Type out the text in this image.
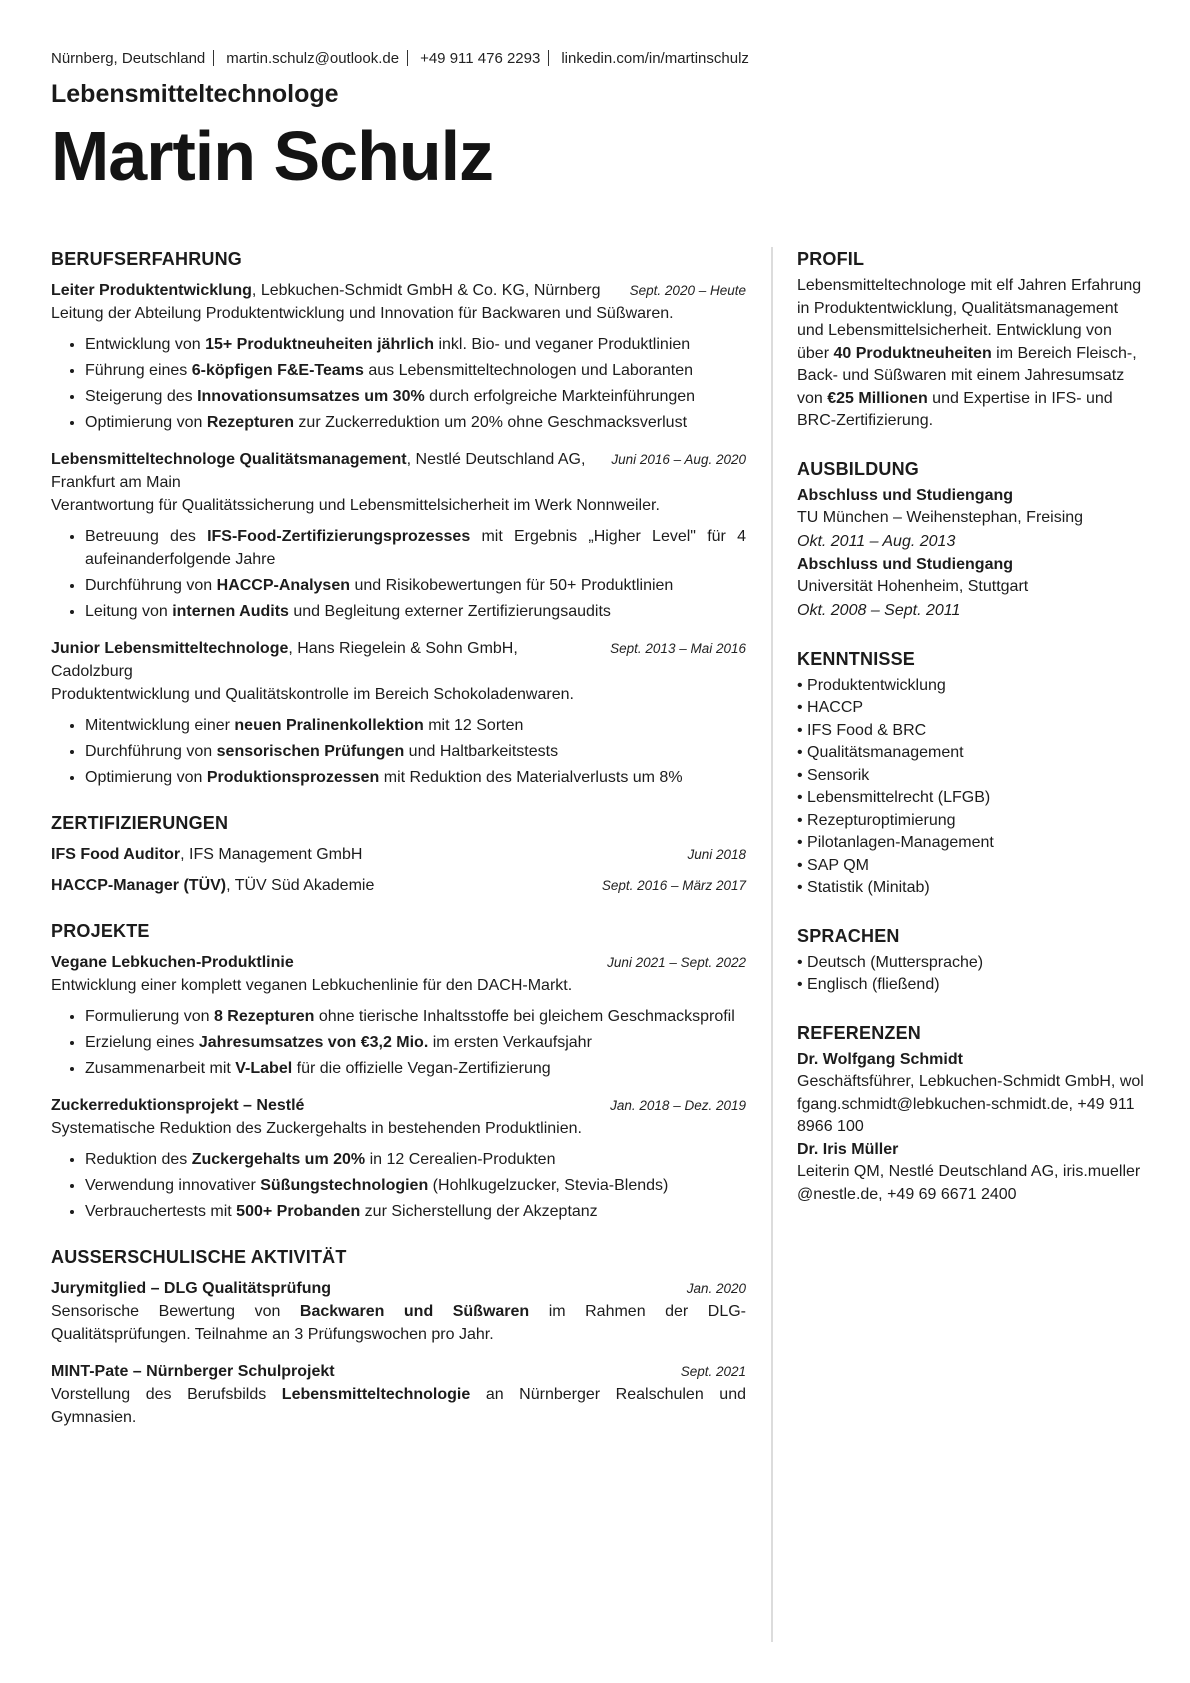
Nürnberg, Deutschland martin.schulz@outlook.de +49 911 476 2293 linkedin.com/in/martinschulz
Lebensmitteltechnologe
Martin Schulz
BERUFSERFAHRUNG
Leiter Produktentwicklung, Lebkuchen-Schmidt GmbH & Co. KG, Nürnberg	Sept. 2020 – Heute
Leitung der Abteilung Produktentwicklung und Innovation für Backwaren und Süßwaren.
• Entwicklung von 15+ Produktneuheiten jährlich inkl. Bio- und veganer Produktlinien
• Führung eines 6-köpfigen F&E-Teams aus Lebensmitteltechnologen und Laboranten
• Steigerung des Innovationsumsatzes um 30% durch erfolgreiche Markteinführungen
• Optimierung von Rezepturen zur Zuckerreduktion um 20% ohne Geschmacksverlust
Lebensmitteltechnologe Qualitätsmanagement, Nestlé Deutschland AG, Frankfurt am Main
Juni 2016 – Aug. 2020
Verantwortung für Qualitätssicherung und Lebensmittelsicherheit im Werk Nonnweiler.
• Betreuung des IFS-Food-Zertifizierungsprozesses mit Ergebnis „Higher Level" für 4 aufeinanderfolgende Jahre
• Durchführung von HACCP-Analysen und Risikobewertungen für 50+ Produktlinien
• Leitung von internen Audits und Begleitung externer Zertifizierungsaudits
Junior Lebensmitteltechnologe, Hans Riegelein & Sohn GmbH, Cadolzburg
Sept. 2013 – Mai 2016
Produktentwicklung und Qualitätskontrolle im Bereich Schokoladenwaren.
• Mitentwicklung einer neuen Pralinenkollektion mit 12 Sorten
• Durchführung von sensorischen Prüfungen und Haltbarkeitstests
• Optimierung von Produktionsprozessen mit Reduktion des Materialverlusts um 8%
ZERTIFIZIERUNGEN
IFS Food Auditor, IFS Management GmbH	Juni 2018
HACCP-Manager (TÜV), TÜV Süd Akademie	Sept. 2016 – März 2017
PROJEKTE
Vegane Lebkuchen-Produktlinie	Juni 2021 – Sept. 2022
Entwicklung einer komplett veganen Lebkuchenlinie für den DACH-Markt.
• Formulierung von 8 Rezepturen ohne tierische Inhaltsstoffe bei gleichem Geschmacksprofil
• Erzielung eines Jahresumsatzes von €3,2 Mio. im ersten Verkaufsjahr
• Zusammenarbeit mit V-Label für die offizielle Vegan-Zertifizierung
Zuckerreduktionsprojekt – Nestlé	Jan. 2018 – Dez. 2019
Systematische Reduktion des Zuckergehalts in bestehenden Produktlinien.
• Reduktion des Zuckergehalts um 20% in 12 Cerealien-Produkten
• Verwendung innovativer Süßungstechnologien (Hohlkugelzucker, Stevia-Blends)
• Verbrauchertests mit 500+ Probanden zur Sicherstellung der Akzeptanz
AUSSERSCHULISCHE AKTIVITÄT
Jurymitglied – DLG Qualitätsprüfung	Jan. 2020
Sensorische Bewertung von Backwaren und Süßwaren im Rahmen der DLG-Qualitätsprüfungen. Teilnahme an 3 Prüfungswochen pro Jahr.
MINT-Pate – Nürnberger Schulprojekt	Sept. 2021
Vorstellung des Berufsbilds Lebensmitteltechnologie an Nürnberger Realschulen und Gymnasien.
PROFIL
Lebensmitteltechnologe mit elf Jahren Erfahrung in Produktentwicklung, Qualitätsmanagement und Lebensmittelsicherheit. Entwicklung von über 40 Produktneuheiten im Bereich Fleisch-, Back- und Süßwaren mit einem Jahresumsatz von €25 Millionen und Expertise in IFS- und BRC-Zertifizierung.
AUSBILDUNG
Abschluss und Studiengang
TU München – Weihenstephan, Freising
Okt. 2011 – Aug. 2013
Abschluss und Studiengang
Universität Hohenheim, Stuttgart
Okt. 2008 – Sept. 2011
KENNTNISSE
• Produktentwicklung
• HACCP
• IFS Food & BRC
• Qualitätsmanagement
• Sensorik
• Lebensmittelrecht (LFGB)
• Rezepturoptimierung
• Pilotanlagen-Management
• SAP QM
• Statistik (Minitab)
SPRACHEN
• Deutsch (Muttersprache)
• Englisch (fließend)
REFERENZEN
Dr. Wolfgang Schmidt
Geschäftsführer, Lebkuchen-Schmidt GmbH, wolfgang.schmidt@lebkuchen-schmidt.de, +49 911 8966 100
Dr. Iris Müller
Leiterin QM, Nestlé Deutschland AG, iris.mueller@nestle.de, +49 69 6671 2400
